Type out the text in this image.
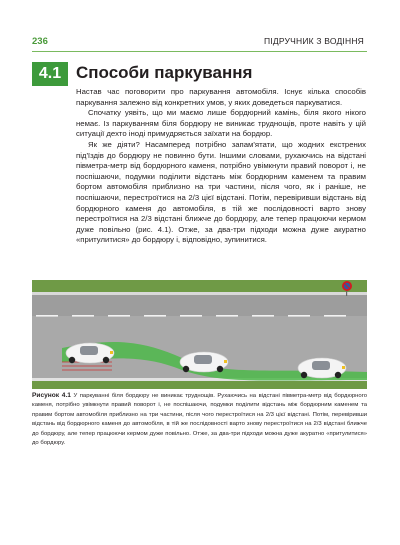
236	ПІДРУЧНИК З ВОДІННЯ
4.1 Способи паркування

Настав час поговорити про паркування автомобіля. Існує кілька способів паркування залежно від конкретних умов, у яких доведеться паркуватися.

Спочатку уявіть, що ми маємо лише бордюрний камінь, біля якого нікого немає. Із паркуванням біля бордюру не виникає труднощів, проте навіть у цій ситуації дехто іноді примудряється заїхати на бордюр.

Як же діяти? Насамперед потрібно запам'ятати, що жодних екстрених під'їздів до бордюру не повинно бути. Іншими словами, рухаючись на відстані півметра-метр від бордюрного каменя, потрібно увімкнути правий поворот і, не поспішаючи, подумки поділити відстань між бордюрним каменем та правим бортом автомобіля приблизно на три частини, після чого, як і раніше, не поспішаючи, перестроїтися на 2/3 цієї відстані. Потім, перевіривши відстань від бордюрного каменя до автомобіля, в тій же послідовності варто знову перестроїтися на 2/3 відстані ближче до бордюру, але тепер працюючи кермом дуже повільно (рис. 4.1). Отже, за два-три підходи можна дуже акуратно «притулитися» до бордюру і, відповідно, зупинитися.

Рисунок 4.1 У паркуванні біля бордюру не виникає труднощів. Рухаючись на відстані півметра-метр від бордюрного каменя, потрібно увімкнути правий поворот і, не поспішаючи, подумки поділити відстань між бордюрним каменем та правим бортом автомобіля приблизно на три частини, після чого перестроїтися на 2/3 цієї відстані. Потім, перевіривши відстань від бордюрного каменя до автомобіля, в тій же послідовності варто знову перестроїтися на 2/3 відстані ближче до бордюру, але тепер працюючи кермом дуже повільно. Отже, за два-три підходи можна дуже акуратно «притулитися» до бордюру.
